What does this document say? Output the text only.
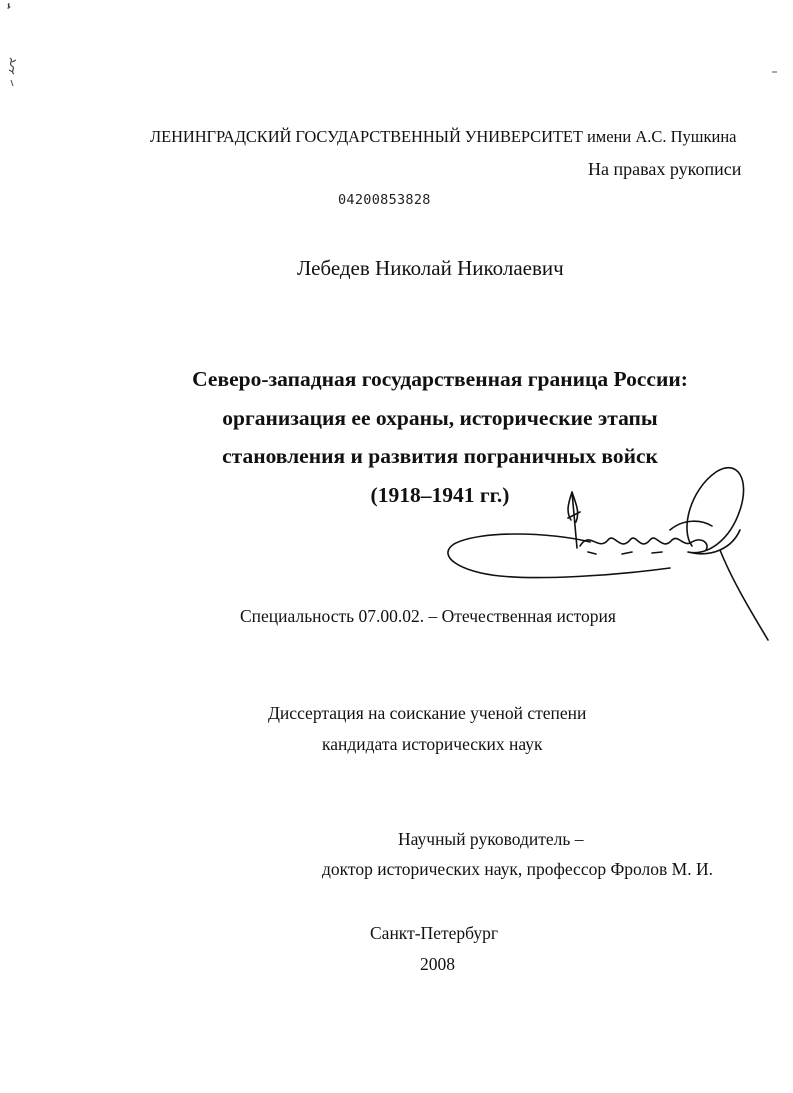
ЛЕНИНГРАДСКИЙ ГОСУДАРСТВЕННЫЙ УНИВЕРСИТЕТ имени А.С. Пушкина
На правах рукописи
04200853828
Лебедев Николай Николаевич
Северо-западная государственная граница России:
организация ее охраны, исторические этапы
становления и развития пограничных войск
(1918–1941 гг.)
Специальность 07.00.02. – Отечественная история
Диссертация на соискание ученой степени
кандидата исторических наук
Научный руководитель –
доктор исторических наук, профессор Фролов М. И.
Санкт-Петербург
2008
